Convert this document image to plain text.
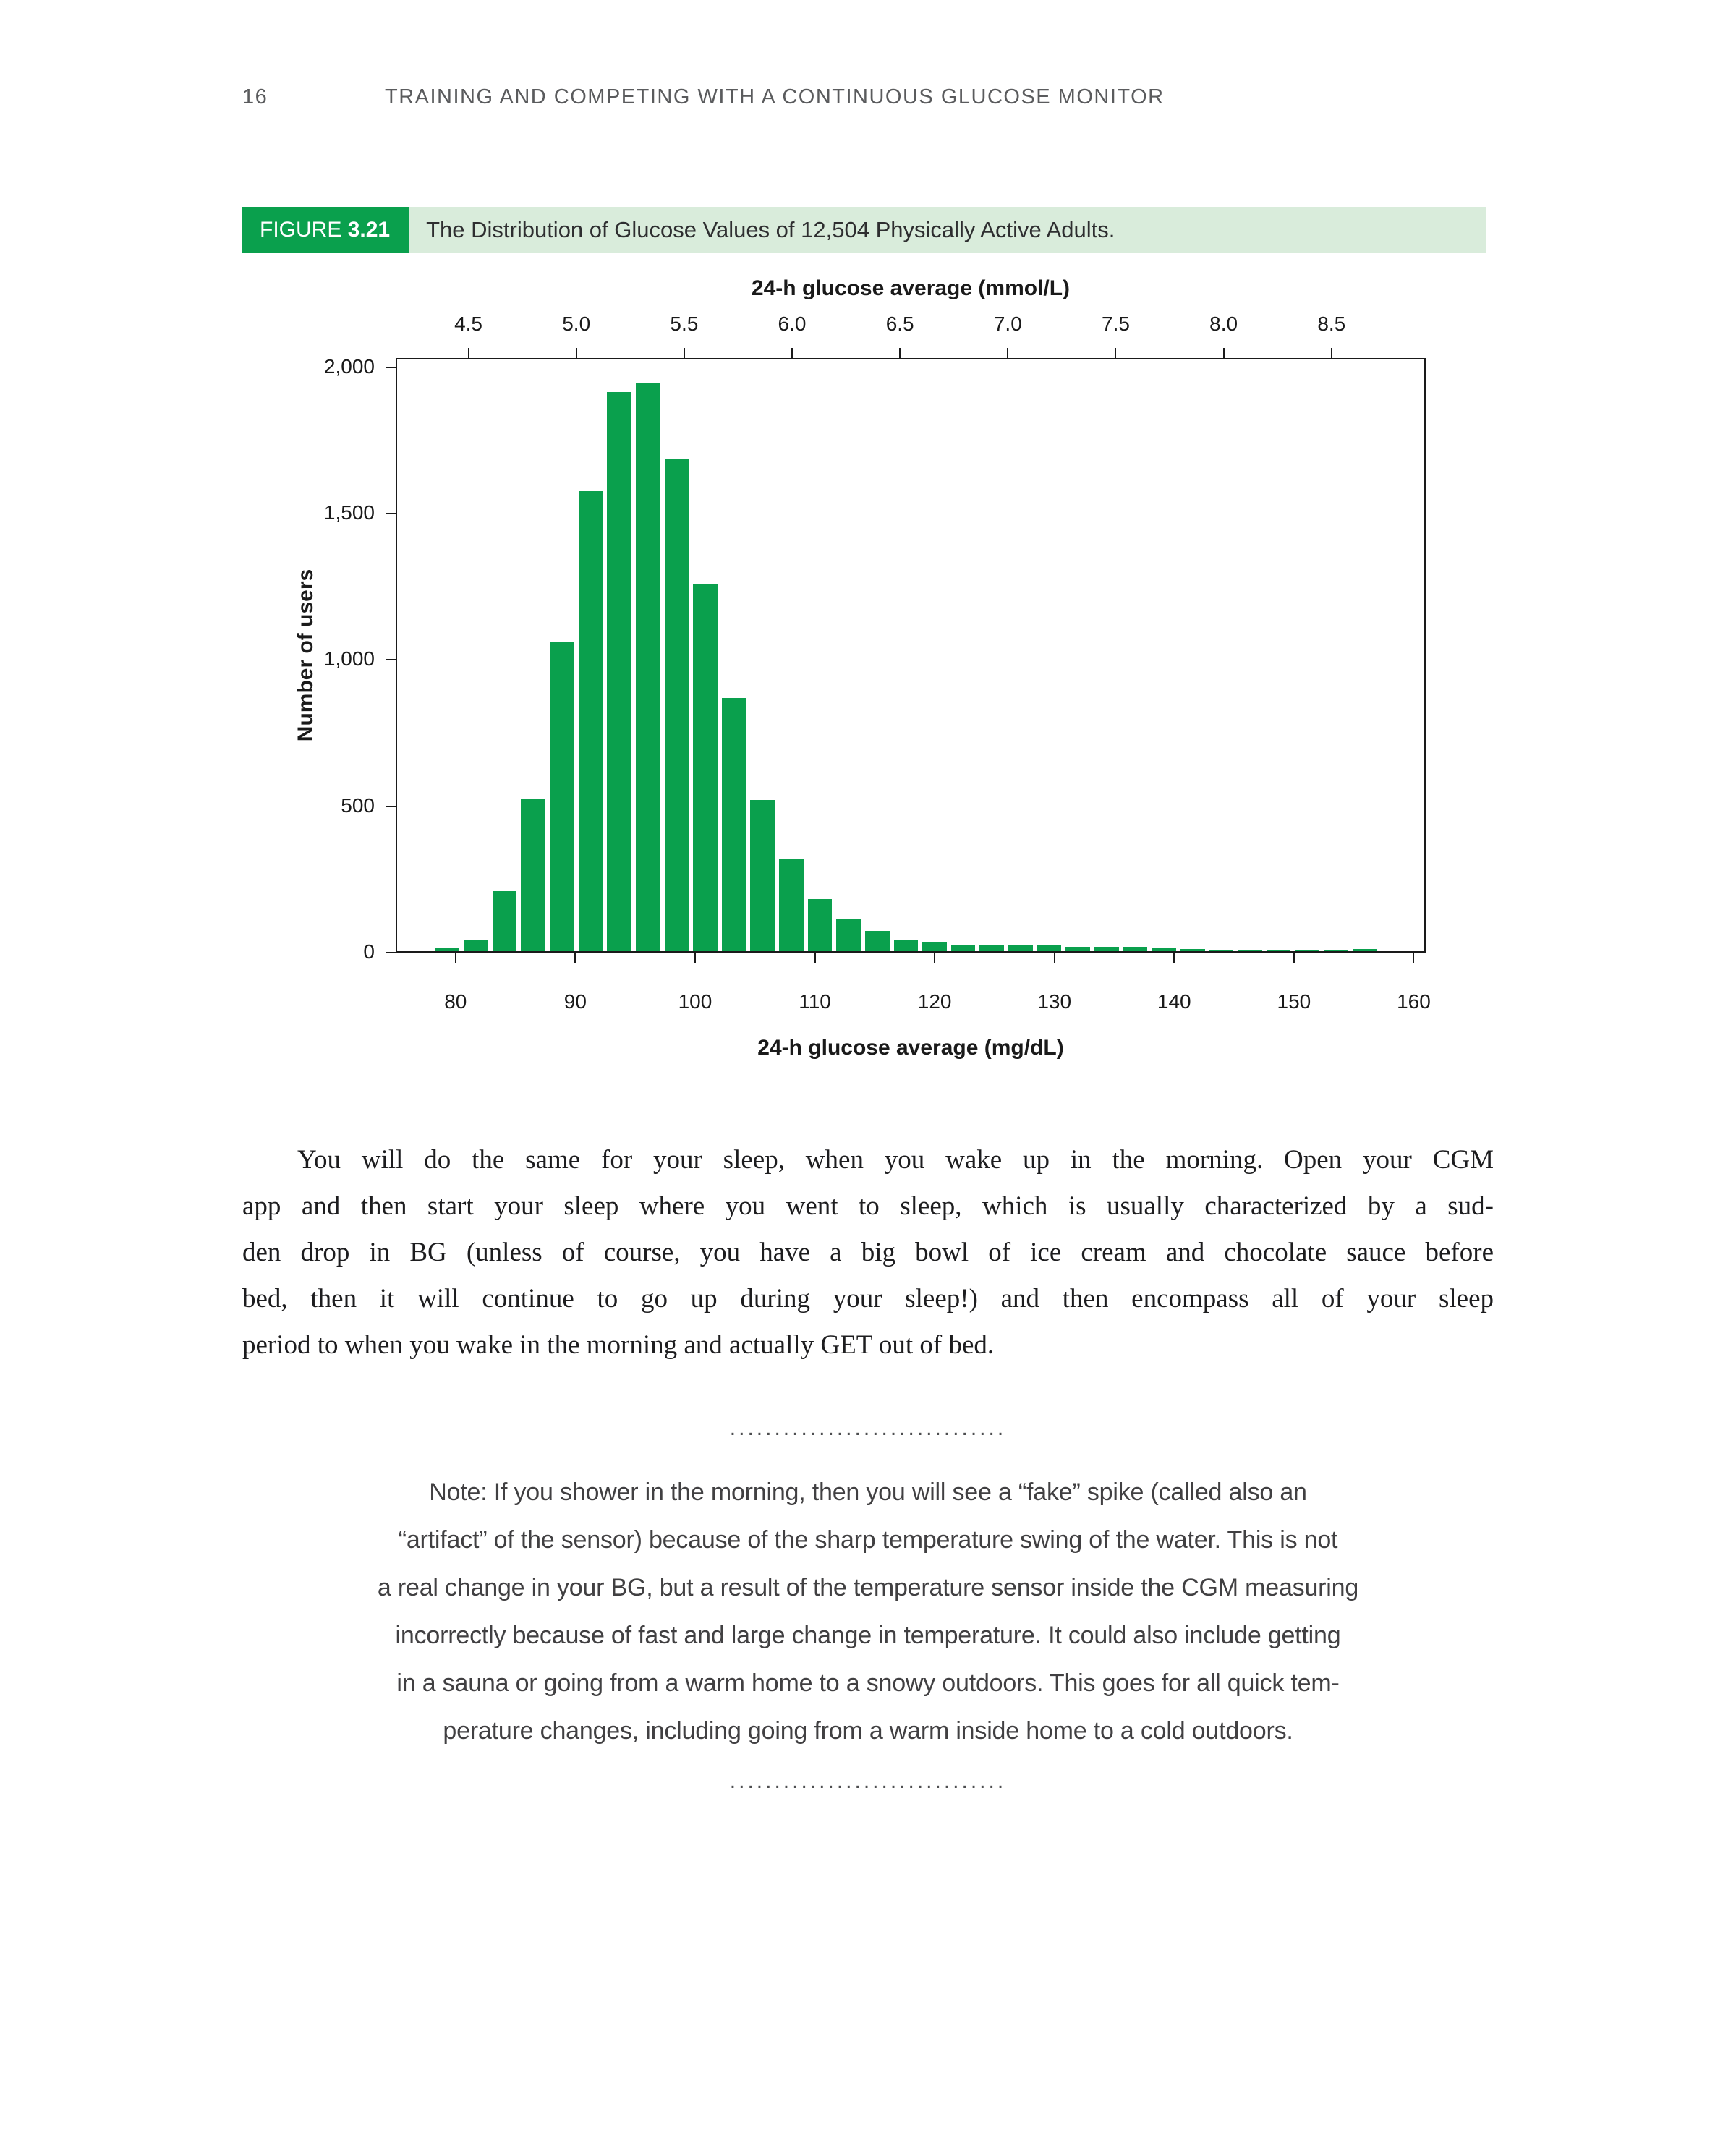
16	TRAINING AND COMPETING WITH A CONTINUOUS GLUCOSE MONITOR
FIGURE 3.21	The Distribution of Glucose Values of 12,504 Physically Active Adults.
24-h glucose average (mmol/L)
4.5	5.0	5.5	6.0	6.5	7.0	7.5	8.0	8.5
Number of users
0
500
1,000
1,500
2,000
80	90	100	110	120	130	140	150	160
24-h glucose average (mg/dL)
You will do the same for your sleep, when you wake up in the morning. Open your CGM
app and then start your sleep where you went to sleep, which is usually characterized by a sud-
den drop in BG (unless of course, you have a big bowl of ice cream and chocolate sauce before
bed, then it will continue to go up during your sleep!) and then encompass all of your sleep
period to when you wake in the morning and actually GET out of bed.
...............................
Note: If you shower in the morning, then you will see a “fake” spike (called also an
“artifact” of the sensor) because of the sharp temperature swing of the water. This is not
a real change in your BG, but a result of the temperature sensor inside the CGM measuring
incorrectly because of fast and large change in temperature. It could also include getting
in a sauna or going from a warm home to a snowy outdoors. This goes for all quick tem-
perature changes, including going from a warm inside home to a cold outdoors.
...............................
